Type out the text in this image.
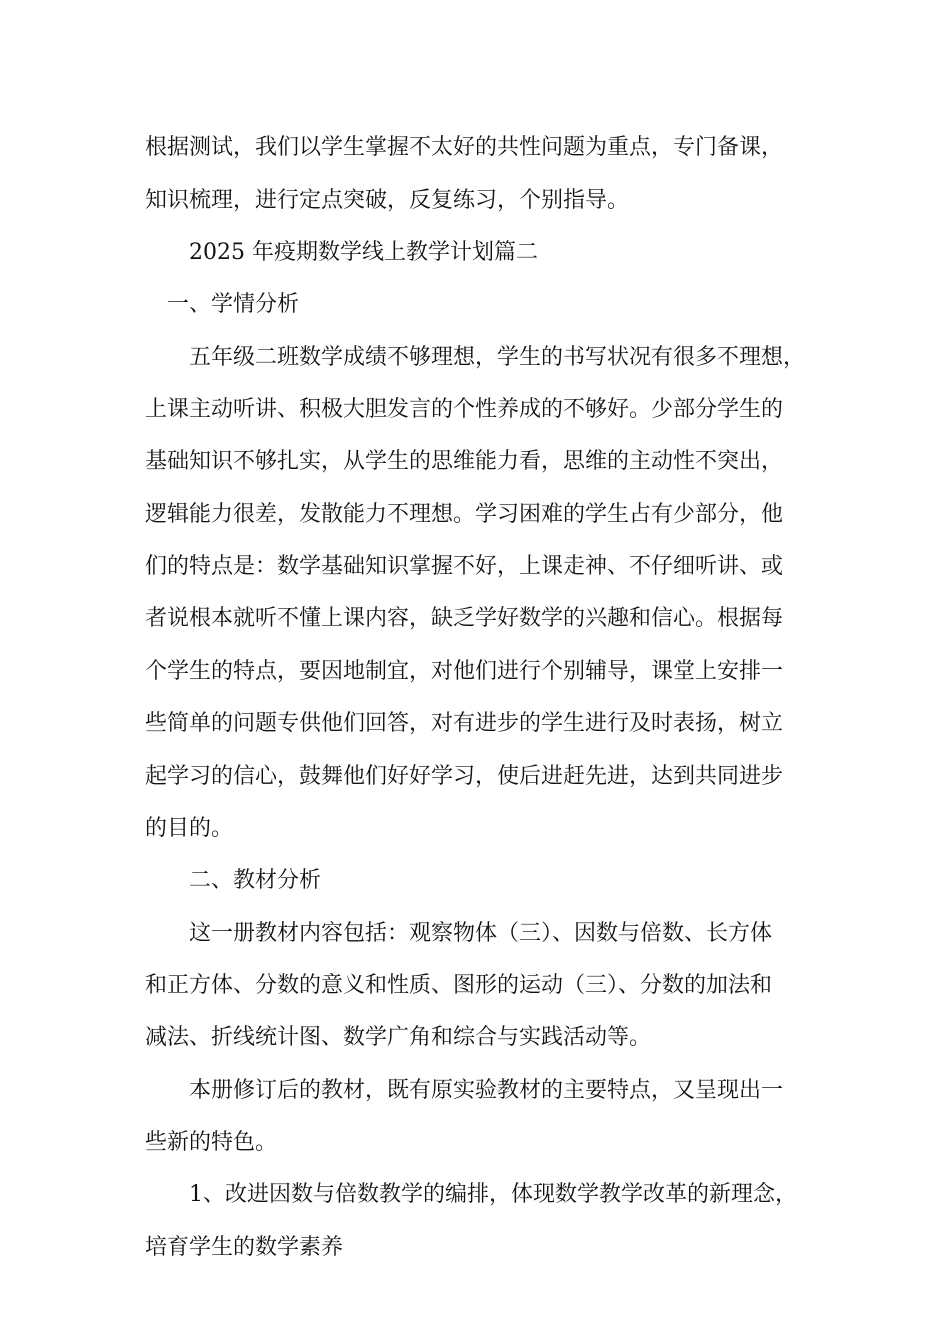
根据测试，我们以学生掌握不太好的共性问题为重点，专门备课，
知识梳理，进行定点突破，反复练习，个别指导。
2025 年疫期数学线上教学计划篇二
一、学情分析
五年级二班数学成绩不够理想，学生的书写状况有很多不理想，
上课主动听讲、积极大胆发言的个性养成的不够好。少部分学生的
基础知识不够扎实，从学生的思维能力看，思维的主动性不突出，
逻辑能力很差，发散能力不理想。学习困难的学生占有少部分，他
们的特点是：数学基础知识掌握不好，上课走神、不仔细听讲、或
者说根本就听不懂上课内容，缺乏学好数学的兴趣和信心。根据每
个学生的特点，要因地制宜，对他们进行个别辅导，课堂上安排一
些简单的问题专供他们回答，对有进步的学生进行及时表扬，树立
起学习的信心，鼓舞他们好好学习，使后进赶先进，达到共同进步
的目的。
二、教材分析
这一册教材内容包括：观察物体（三）、因数与倍数、长方体
和正方体、分数的意义和性质、图形的运动（三）、分数的加法和
减法、折线统计图、数学广角和综合与实践活动等。
本册修订后的教材，既有原实验教材的主要特点，又呈现出一
些新的特色。
1、改进因数与倍数教学的编排，体现数学教学改革的新理念，
培育学生的数学素养
